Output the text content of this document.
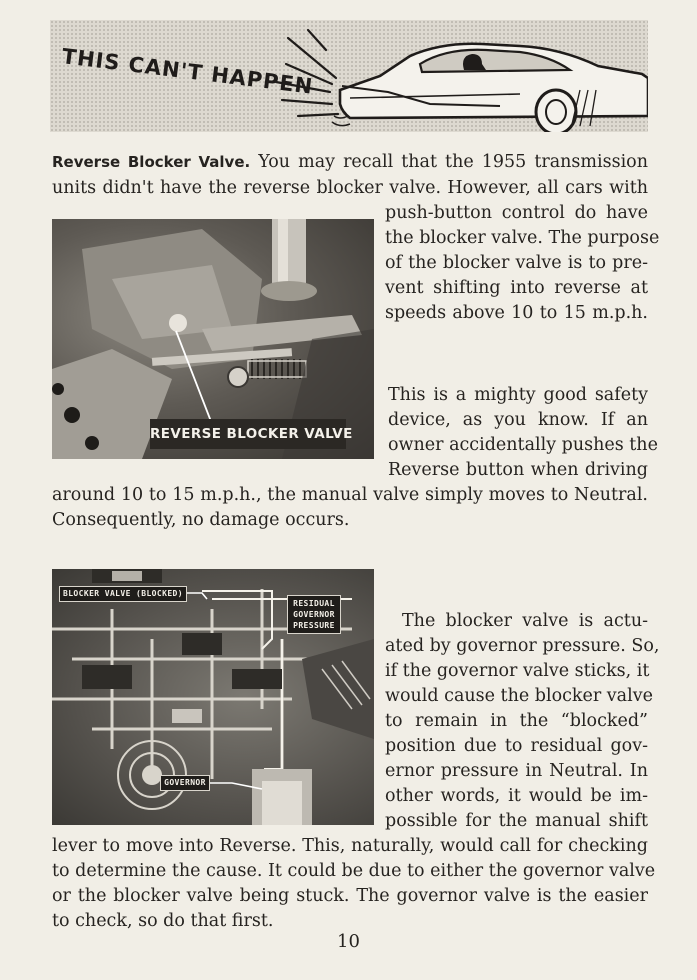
THIS CAN'T HAPPEN
REVERSE BLOCKER VALVE
BLOCKER VALVE (BLOCKED)
RESIDUAL
GOVERNOR
PRESSURE
GOVERNOR
Reverse Blocker Valve. You may recall that the 1955 transmission
units didn't have the reverse blocker valve. However, all cars with
push-button control do have
the blocker valve. The purpose
of the blocker valve is to pre-
vent shifting into reverse at
speeds above 10 to 15 m.p.h.
This is a mighty good safety
device, as you know. If an
owner accidentally pushes the
Reverse button when driving
around 10 to 15 m.p.h., the manual valve simply moves to Neutral.
Consequently, no damage occurs.
The blocker valve is actu-
ated by governor pressure. So,
if the governor valve sticks, it
would cause the blocker valve
to remain in the “blocked”
position due to residual gov-
ernor pressure in Neutral. In
other words, it would be im-
possible for the manual shift
lever to move into Reverse. This, naturally, would call for checking
to determine the cause. It could be due to either the governor valve
or the blocker valve being stuck. The governor valve is the easier
to check, so do that first.
10
